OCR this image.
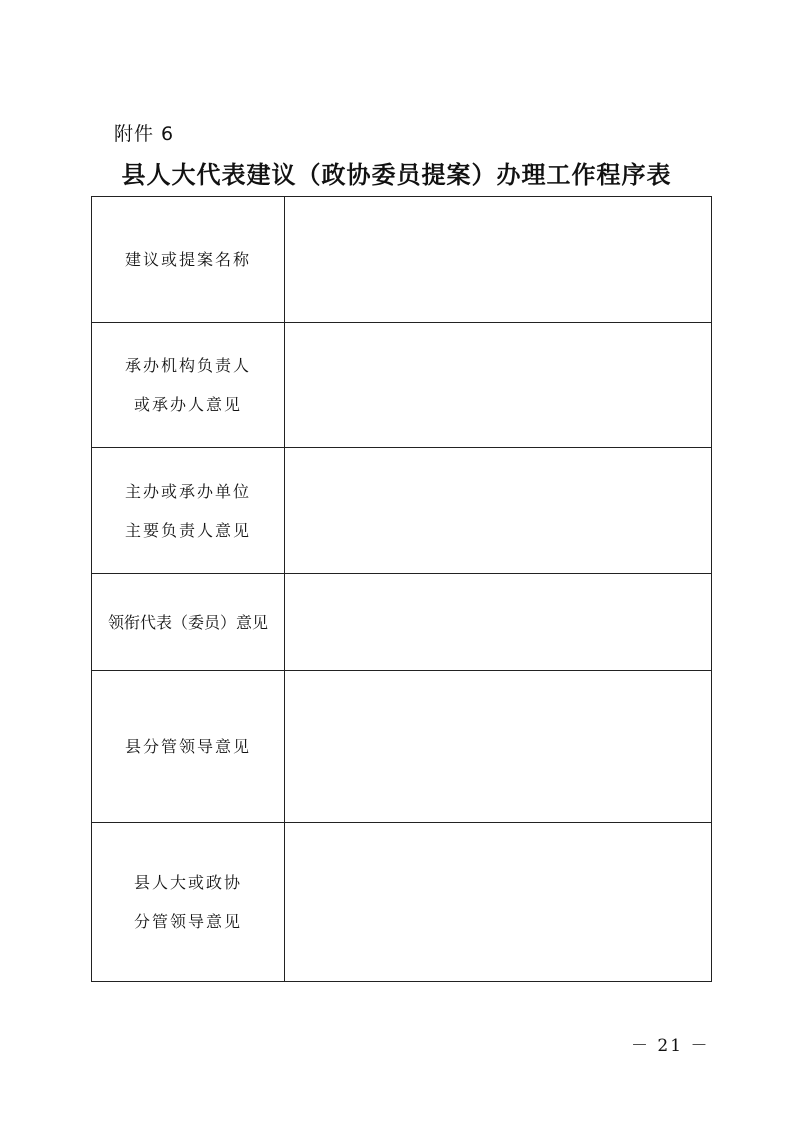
附件 6
县人大代表建议（政协委员提案）办理工作程序表
建议或提案名称	

承办机构负责人
或承办人意见	

主办或承办单位
主要负责人意见	

领衔代表（委员）意见	

县分管领导意见	

县人大或政协
分管领导意见	

－ 21 －
